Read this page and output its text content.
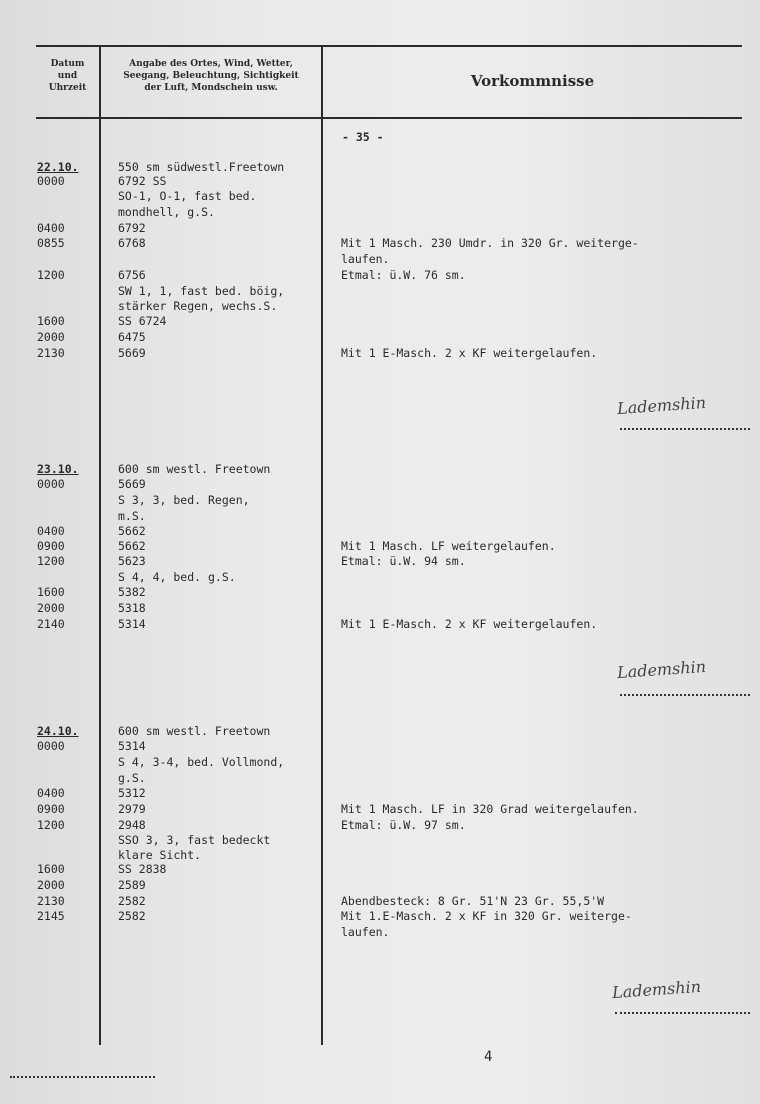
Datum
und
Uhrzeit
Angabe des Ortes, Wind, Wetter,
Seegang, Beleuchtung, Sichtigkeit
der Luft, Mondschein usw.	Vorkommnisse
- 35 -
22.10.	550 sm südwestl.Freetown
0000	6792 SS
SO-1, O-1, fast bed.
mondhell, g.S.
0400	6792
0855	6768	Mit 1 Masch. 230 Umdr. in 320 Gr. weiterge-
laufen.
1200	6756	Etmal: ü.W. 76 sm.
SW 1, 1, fast bed. böig,
stärker Regen, wechs.S.
1600	SS 6724
2000	6475
2130	5669	Mit 1 E-Masch. 2 x KF weitergelaufen.
23.10.	600 sm westl. Freetown
0000	5669
S 3, 3, bed. Regen,
m.S.
0400	5662
0900	5662	Mit 1 Masch. LF weitergelaufen.
1200	5623	Etmal: ü.W. 94 sm.
S 4, 4, bed. g.S.
1600	5382
2000	5318
2140	5314	Mit 1 E-Masch. 2 x KF weitergelaufen.
24.10.	600 sm westl. Freetown
0000	5314
S 4, 3-4, bed. Vollmond,
g.S.
0400	5312
0900	2979	Mit 1 Masch. LF in 320 Grad weitergelaufen.
1200	2948	Etmal: ü.W. 97 sm.
SSO 3, 3, fast bedeckt
klare Sicht.
1600	SS 2838
2000	2589
2130	2582	Abendbesteck: 8 Gr. 51'N 23 Gr. 55,5'W
2145	2582	Mit 1.E-Masch. 2 x KF in 320 Gr. weiterge-
laufen.
Lademshin
Lademshin
Lademshin
4
